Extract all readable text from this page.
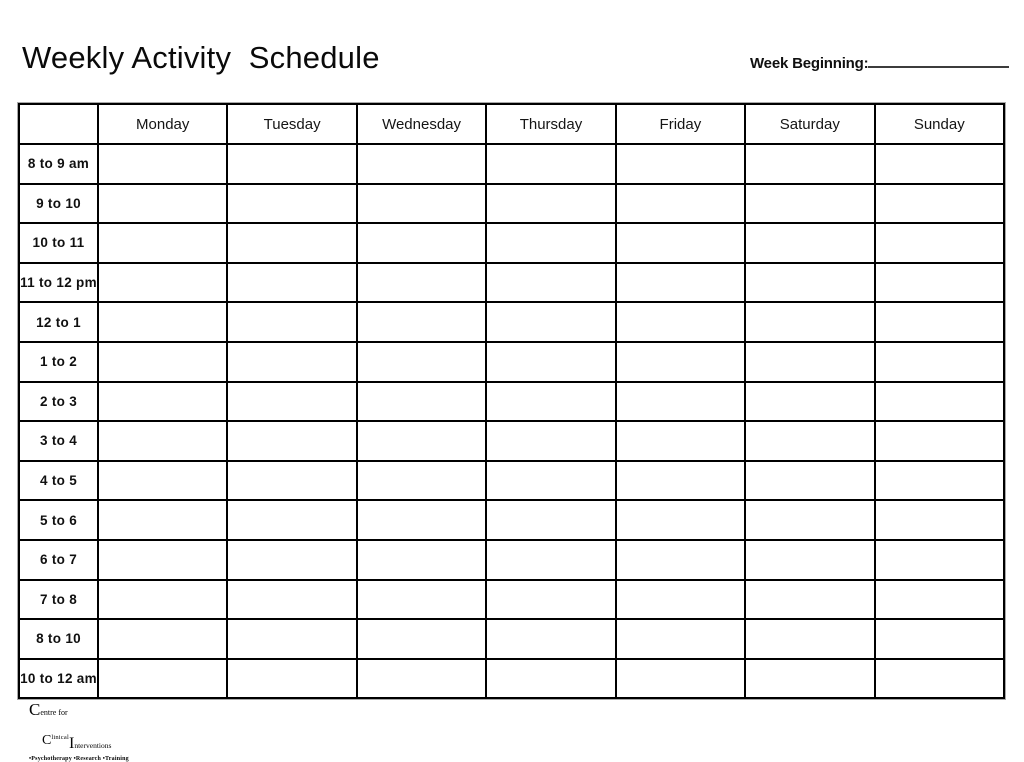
Weekly Activity  Schedule	Week Beginning:
	Monday	Tuesday	Wednesday	Thursday	Friday	Saturday	Sunday
8 to 9 am							
9 to 10							
10 to 11							
11 to 12 pm							
12 to 1							
1 to 2							
2 to 3							
3 to 4							
4 to 5							
5 to 6							
6 to 7							
7 to 8							
8 to 10							
10 to 12 am							
Centre for
$C^{linical}I_{nterventions}$
•Psychotherapy •Research •Training
